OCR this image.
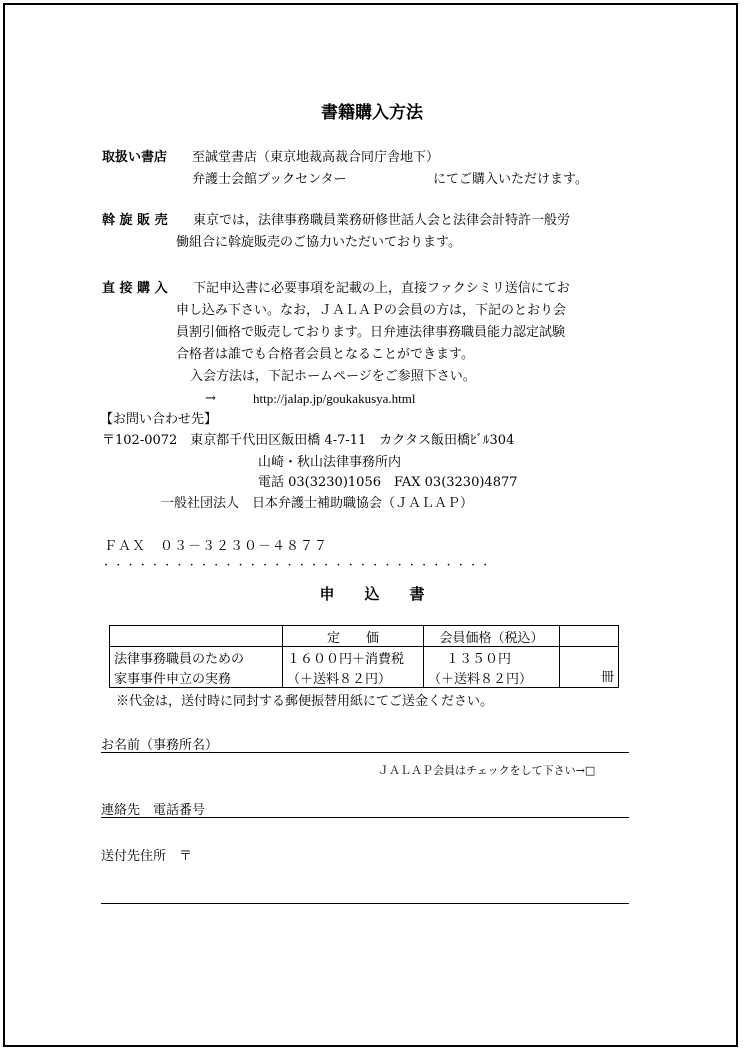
書籍購入方法
取扱い書店 至誠堂書店（東京地裁高裁合同庁舎地下）
弁護士会館ブックセンター	にてご購入いただけます。
斡 旋 販 売 東京では，法律事務職員業務研修世話人会と法律会計特許一般労
働組合に斡旋販売のご協力いただいております。
直 接 購 入 下記申込書に必要事項を記載の上，直接ファクシミリ送信にてお
申し込み下さい。なお，ＪＡＬＡＰの会員の方は，下記のとおり会
員割引価格で販売しております。日弁連法律事務職員能力認定試験
合格者は誰でも合格者会員となることができます。
入会方法は，下記ホームページをご参照下さい。
→	http://jalap.jp/goukakusya.html
【お問い合わせ先】
〒102-0072　東京都千代田区飯田橋 4-7-11　カクタス飯田橋ﾋﾞﾙ304
山崎・秋山法律事務所内
電話 03(3230)1056　FAX 03(3230)4877
一般社団法人　日本弁護士補助職協会（ＪＡＬＡＰ）
ＦＡＸ　０３－３２３０－４８７７
································
申　　込　　書
	定　　価	会員価格（税込）	
法律事務職員のための	１６００円＋消費税	１３５０円	冊
家事事件申立の実務	（＋送料８２円）	（＋送料８２円）	
※代金は，送付時に同封する郵便振替用紙にてご送金ください。
お名前（事務所名）
ＪＡＬＡＰ会員はチェックをして下さい→□
連絡先　電話番号
送付先住所　〒
